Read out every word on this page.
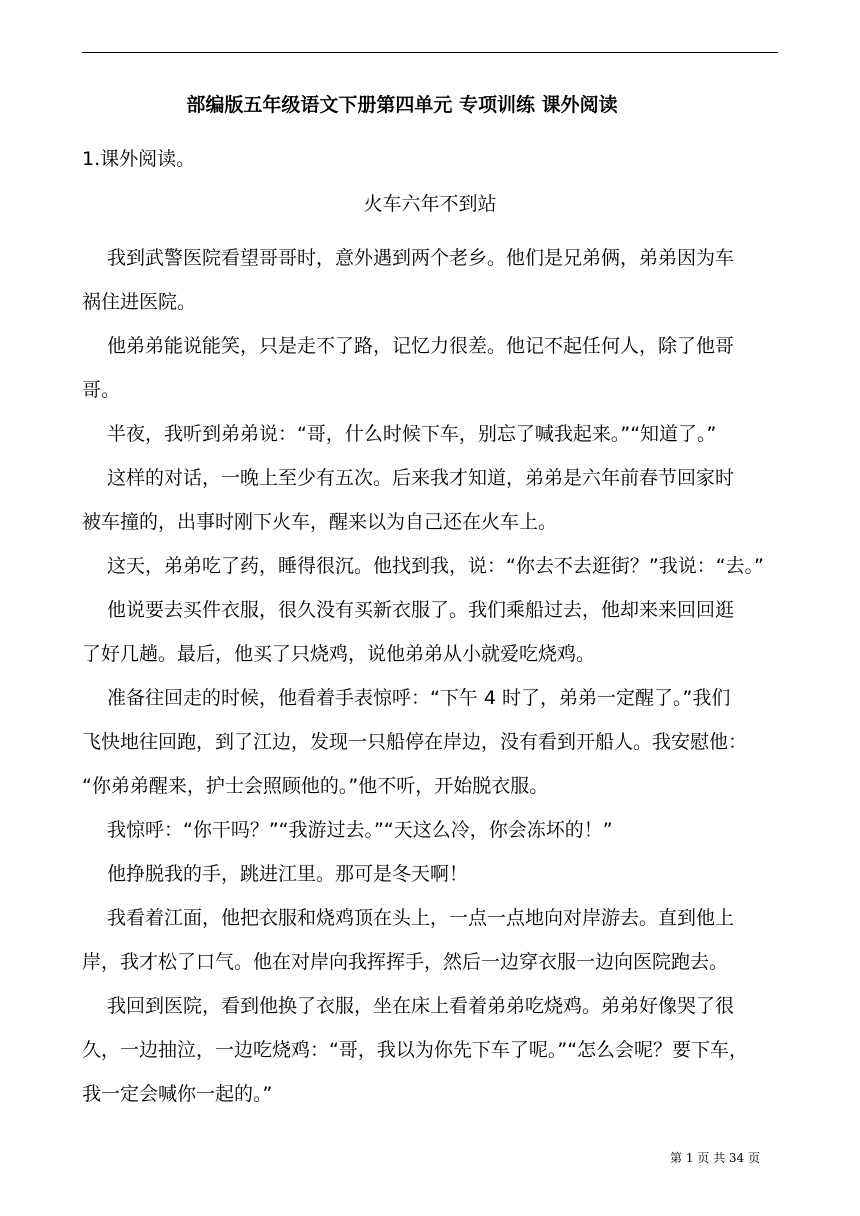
部编版五年级语文下册第四单元 专项训练 课外阅读
1.课外阅读。
火车六年不到站
我到武警医院看望哥哥时，意外遇到两个老乡。他们是兄弟俩，弟弟因为车
祸住进医院。
他弟弟能说能笑，只是走不了路，记忆力很差。他记不起任何人，除了他哥
哥。
半夜，我听到弟弟说：“哥，什么时候下车，别忘了喊我起来。”“知道了。”
这样的对话，一晚上至少有五次。后来我才知道，弟弟是六年前春节回家时
被车撞的，出事时刚下火车，醒来以为自己还在火车上。
这天，弟弟吃了药，睡得很沉。他找到我，说：“你去不去逛街？”我说：“去。”
他说要去买件衣服，很久没有买新衣服了。我们乘船过去，他却来来回回逛
了好几趟。最后，他买了只烧鸡，说他弟弟从小就爱吃烧鸡。
准备往回走的时候，他看着手表惊呼：“下午 4 时了，弟弟一定醒了。”我们
飞快地往回跑，到了江边，发现一只船停在岸边，没有看到开船人。我安慰他：
“你弟弟醒来，护士会照顾他的。”他不听，开始脱衣服。
我惊呼：“你干吗？”“我游过去。”“天这么冷，你会冻坏的！”
他挣脱我的手，跳进江里。那可是冬天啊！
我看着江面，他把衣服和烧鸡顶在头上，一点一点地向对岸游去。直到他上
岸，我才松了口气。他在对岸向我挥挥手，然后一边穿衣服一边向医院跑去。
我回到医院，看到他换了衣服，坐在床上看着弟弟吃烧鸡。弟弟好像哭了很
久，一边抽泣，一边吃烧鸡：“哥，我以为你先下车了呢。”“怎么会呢？要下车，
我一定会喊你一起的。”
第 1 页 共 34 页
